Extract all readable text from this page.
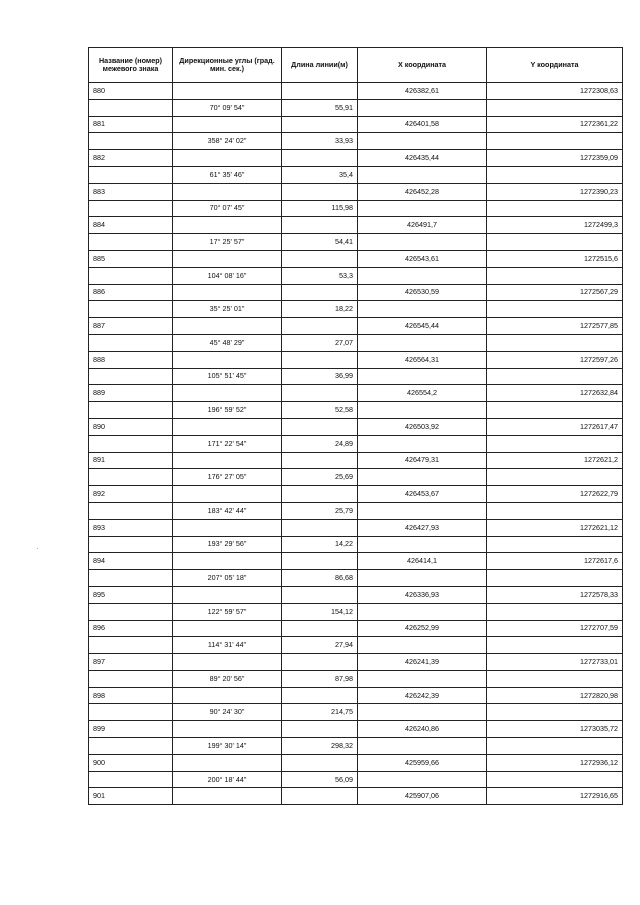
Название (номер) межевого знака	Дирекционные углы (град. мин. сек.)	Длина линии(м)	X координата	Y координата
880			426382,61	1272308,63
	70° 09' 54"	55,91		
881			426401,58	1272361,22
	358° 24' 02"	33,93		
882			426435,44	1272359,09
	61° 35' 46"	35,4		
883			426452,28	1272390,23
	70° 07' 45"	115,98		
884			426491,7	1272499,3
	17° 25' 57"	54,41		
885			426543,61	1272515,6
	104° 08' 16"	53,3		
886			426530,59	1272567,29
	35° 25' 01"	18,22		
887			426545,44	1272577,85
	45° 48' 29"	27,07		
888			426564,31	1272597,26
	105° 51' 45"	36,99		
889			426554,2	1272632,84
	196° 59' 52"	52,58		
890			426503,92	1272617,47
	171° 22' 54"	24,89		
891			426479,31	1272621,2
	176° 27' 05"	25,69		
892			426453,67	1272622,79
	183° 42' 44"	25,79		
893			426427,93	1272621,12
	193° 29' 56"	14,22		
894			426414,1	1272617,6
	207° 05' 18"	86,68		
895			426336,93	1272578,33
	122° 59' 57"	154,12		
896			426252,99	1272707,59
	114° 31' 44"	27,94		
897			426241,39	1272733,01
	89° 20' 56"	87,98		
898			426242,39	1272820,98
	90° 24' 30"	214,75		
899			426240,86	1273035,72
	199° 30' 14"	298,32		
900			425959,66	1272936,12
	200° 18' 44"	56,09		
901			425907,06	1272916,65
